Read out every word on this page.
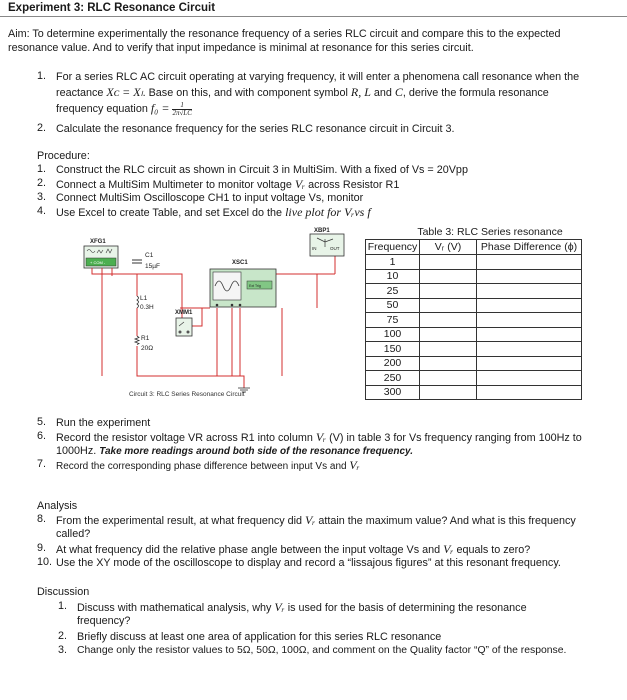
Experiment 3: RLC Resonance Circuit
Aim: To determine experimentally the resonance frequency of a series RLC circuit and compare this to the expected
resonance value. And to verify that input impedance is minimal at resonance for this series circuit.
1. For a series RLC AC circuit operating at varying frequency, it will enter a phenomena call resonance when the
reactance Xᴄ = Xₗ. Base on this, and with component symbol R, L and C, derive the formula resonance
frequency equation $f_0 = \frac{1}{2\pi√LC}$
2. Calculate the resonance frequency for the series RLC resonance circuit in Circuit 3.
Procedure:
1. Construct the RLC circuit as shown in Circuit 3 in MultiSim. With a fixed of Vs = 20Vpp
2. Connect a MultiSim Multimeter to monitor voltage Vᵣ across Resistor R1
3. Connect MultiSim Oscilloscope CH1 to input voltage Vs, monitor
4. Use Excel to create Table, and set Excel do the live plot for Vᵣvs f
XFG1
+ COM -
C1
15µF
L1
0.3H
R1
20Ω
XMM1
XSC1
Ext Trig
XBP1
IN	OUT
Circuit 3: RLC Series Resonance Circuit
Table 3: RLC Series resonance
Frequency	Vᵣ (V)	Phase Difference (ϕ)
1		
10		
25		
50		
75		
100		
150		
200		
250		
300		
5. Run the experiment
6. Record the resistor voltage VR across R1 into column Vᵣ (V) in table 3 for Vs frequency ranging from 100Hz to
1000Hz. Take more readings around both side of the resonance frequency.
7. Record the corresponding phase difference between input Vs and Vᵣ
Analysis
8. From the experimental result, at what frequency did Vᵣ attain the maximum value? And what is this frequency
called?
9. At what frequency did the relative phase angle between the input voltage Vs and Vᵣ equals to zero?
10. Use the XY mode of the oscilloscope to display and record a “lissajous figures” at this resonant frequency.
Discussion
1. Discuss with mathematical analysis, why Vᵣ is used for the basis of determining the resonance
frequency?
2. Briefly discuss at least one area of application for this series RLC resonance
3. Change only the resistor values to 5Ω, 50Ω, 100Ω, and comment on the Quality factor “Q” of the response.
